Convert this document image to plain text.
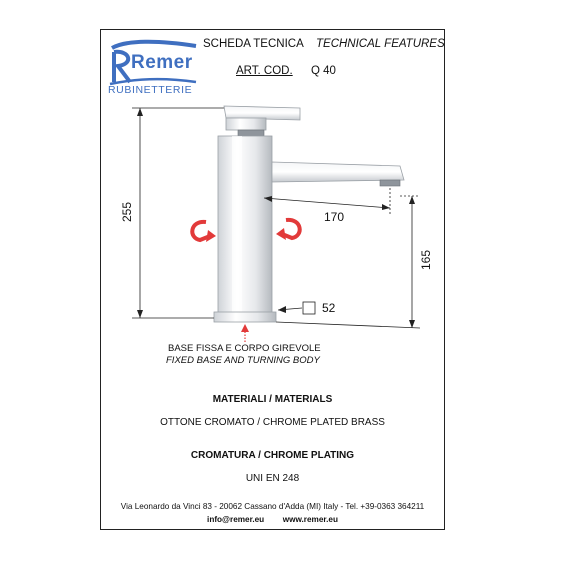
Remer
RUBINETTERIE
SCHEDA TECNICA TECHNICAL FEATURES
ART. COD. Q 40
255	170
165
52
BASE FISSA E CORPO GIREVOLE
FIXED BASE AND TURNING BODY
MATERIALI / MATERIALS
OTTONE CROMATO / CHROME PLATED BRASS
CROMATURA / CHROME PLATING
UNI EN 248
Via Leonardo da Vinci 83 - 20062 Cassano d'Adda (MI) Italy - Tel. +39-0363 364211
info@remer.eu www.remer.eu
